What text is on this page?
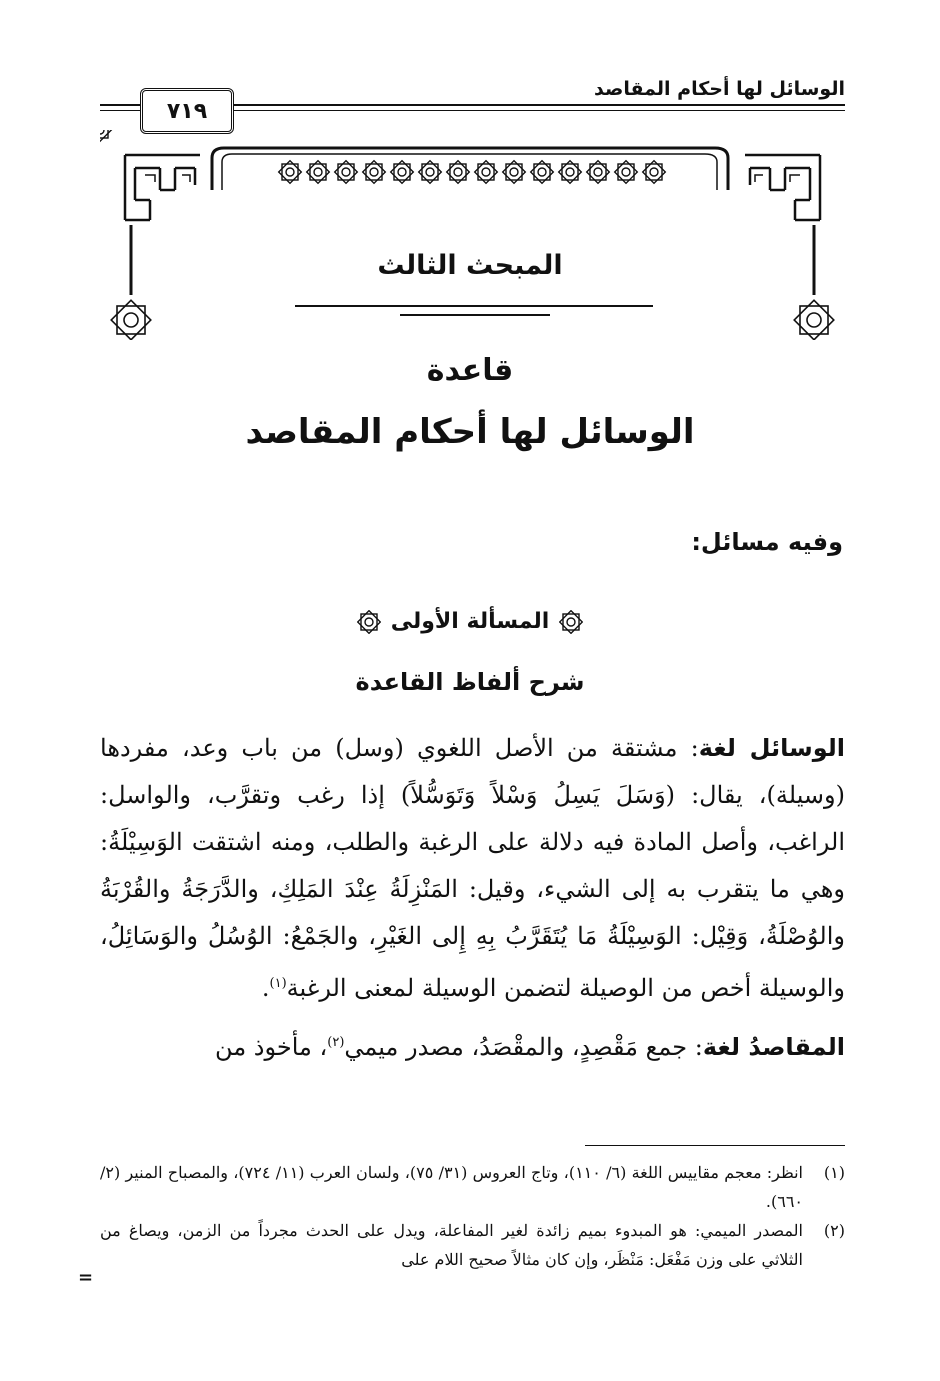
الوسائل لها أحكام المقاصد
٧١٩
المبحث الثالث
قاعدة
الوسائل لها أحكام المقاصد
وفيه مسائل:
المسألة الأولى
شرح ألفاظ القاعدة

الوسائل لغة: مشتقة من الأصل اللغوي (وسل) من باب وعد، مفردها (وسيلة)، يقال: (وَسَلَ يَسِلُ وَسْلاً وَتَوَسُّلاً) إذا رغب وتقرَّب، والواسل: الراغب، وأصل المادة فيه دلالة على الرغبة والطلب، ومنه اشتقت الوَسِيْلَةُ: وهي ما يتقرب به إلى الشيء، وقيل: المَنْزِلَةُ عِنْدَ المَلِكِ، والدَّرَجَةُ والقُرْبَةُ والوُصْلَةُ، وَقِيْل: الوَسِيْلَةُ مَا يُتَقَرَّبُ بِهِ إِلى الغَيْرِ، والجَمْعُ: الوُسُلُ والوَسَائِلُ، والوسيلة أخص من الوصيلة لتضمن الوسيلة لمعنى الرغبة$^{(١)}$.

المقاصدُ لغة: جمع مَقْصِدٍ، والمقْصَدُ، مصدر ميمي$^{(٢)}$، مأخوذ من

(١)
انظر: معجم مقاييس اللغة (٦/ ١١٠)، وتاج العروس (٣١/ ٧٥)، ولسان العرب (١١/ ٧٢٤)، والمصباح المنير (٢/ ٦٦٠).
(٢)
المصدر الميمي: هو المبدوء بميم زائدة لغير المفاعلة، ويدل على الحدث مجرداً من الزمن، ويصاغ من الثلاثي على وزن مَفْعَل: مَنْظَر، وإن كان مثالاً صحيح اللام على
=
